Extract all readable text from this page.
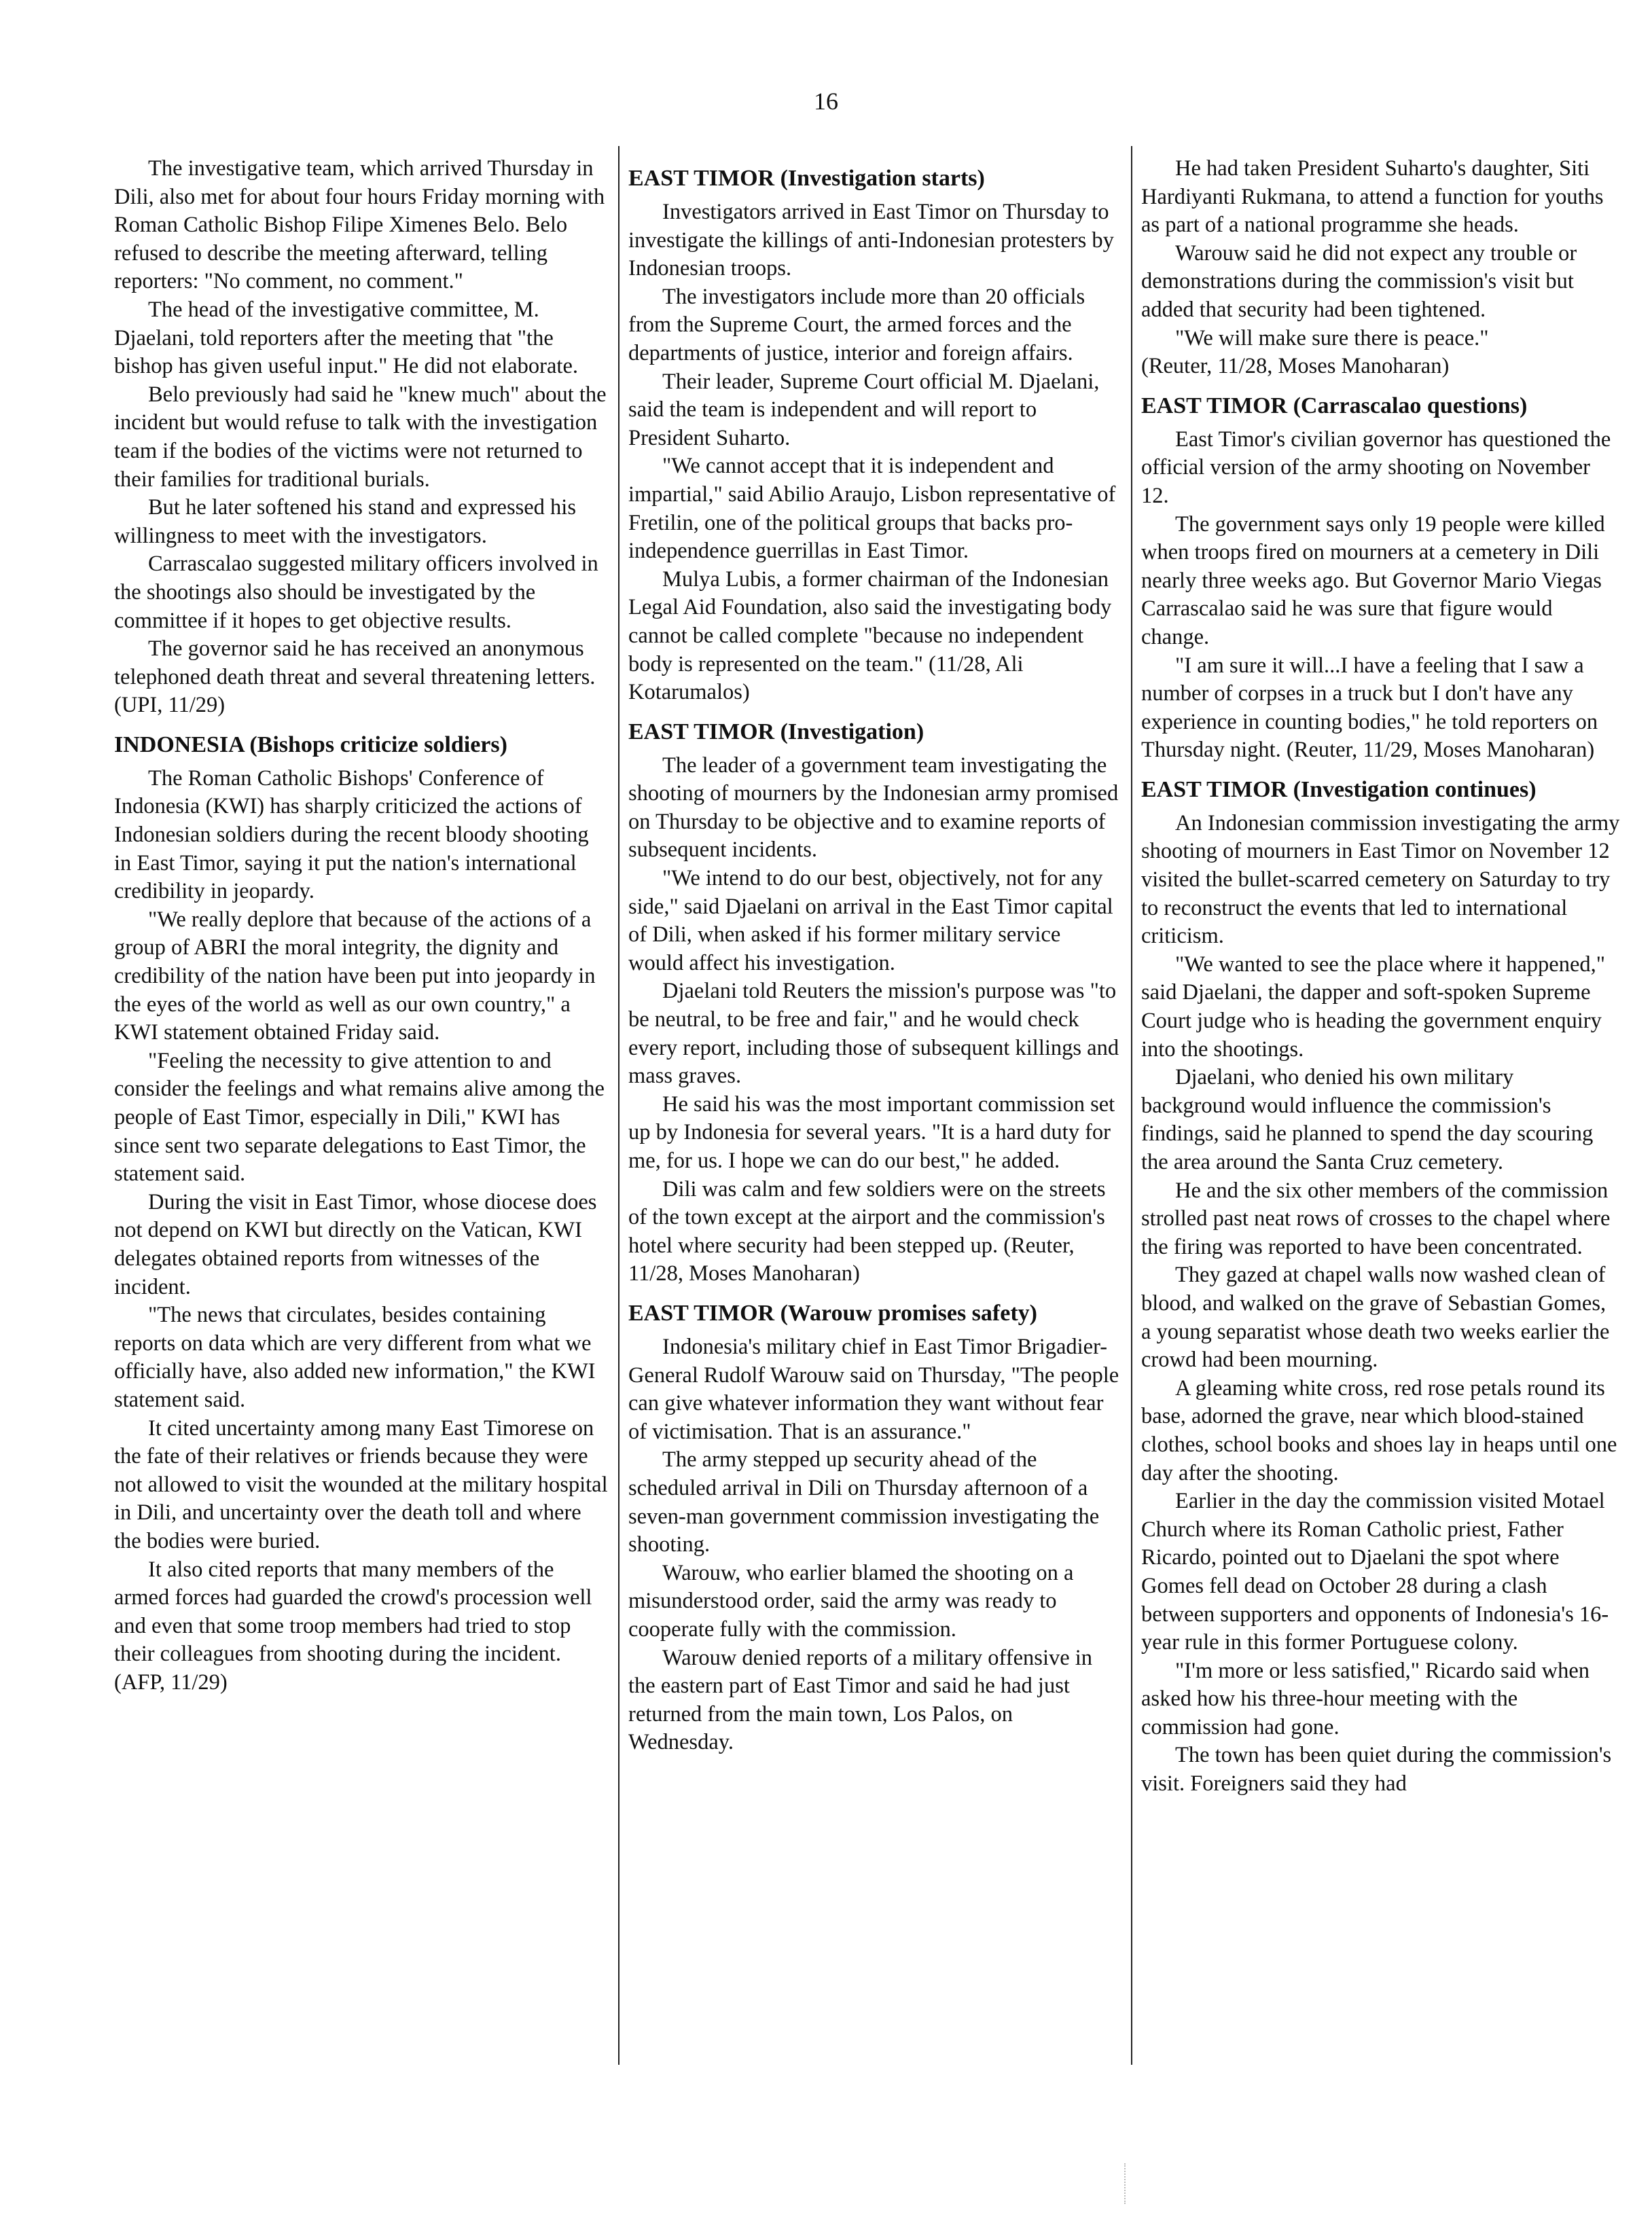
16

The investigative team, which arrived Thursday in Dili, also met for about four hours Friday morning with Roman Catholic Bishop Filipe Ximenes Belo. Belo refused to describe the meeting afterward, telling reporters: "No comment, no comment."

The head of the investigative committee, M. Djaelani, told reporters after the meeting that "the bishop has given useful input." He did not elaborate.

Belo previously had said he "knew much" about the incident but would refuse to talk with the investigation team if the bodies of the victims were not returned to their families for traditional burials.

But he later softened his stand and expressed his willingness to meet with the investigators.

Carrascalao suggested military officers involved in the shootings also should be investigated by the committee if it hopes to get objective results.

The governor said he has received an anonymous telephoned death threat and several threatening letters. (UPI, 11/29)

INDONESIA (Bishops criticize soldiers)

The Roman Catholic Bishops' Conference of Indonesia (KWI) has sharply criticized the actions of Indonesian soldiers during the recent bloody shooting in East Timor, saying it put the nation's international credibility in jeopardy.

"We really deplore that because of the actions of a group of ABRI the moral integrity, the dignity and credibility of the nation have been put into jeopardy in the eyes of the world as well as our own country," a KWI statement obtained Friday said.

"Feeling the necessity to give attention to and consider the feelings and what remains alive among the people of East Timor, especially in Dili," KWI has since sent two separate delegations to East Timor, the statement said.

During the visit in East Timor, whose diocese does not depend on KWI but directly on the Vatican, KWI delegates obtained reports from witnesses of the incident.

"The news that circulates, besides containing reports on data which are very different from what we officially have, also added new information," the KWI statement said.

It cited uncertainty among many East Timorese on the fate of their relatives or friends because they were not allowed to visit the wounded at the military hospital in Dili, and uncertainty over the death toll and where the bodies were buried.

It also cited reports that many members of the armed forces had guarded the crowd's procession well and even that some troop members had tried to stop their colleagues from shooting during the incident. (AFP, 11/29)

EAST TIMOR (Investigation starts)

Investigators arrived in East Timor on Thursday to investigate the killings of anti-Indonesian protesters by Indonesian troops.

The investigators include more than 20 officials from the Supreme Court, the armed forces and the departments of justice, interior and foreign affairs.

Their leader, Supreme Court official M. Djaelani, said the team is independent and will report to President Suharto.

"We cannot accept that it is independent and impartial," said Abilio Araujo, Lisbon representative of Fretilin, one of the political groups that backs pro-independence guerrillas in East Timor.

Mulya Lubis, a former chairman of the Indonesian Legal Aid Foundation, also said the investigating body cannot be called complete "because no independent body is represented on the team." (11/28, Ali Kotarumalos)

EAST TIMOR (Investigation)

The leader of a government team investigating the shooting of mourners by the Indonesian army promised on Thursday to be objective and to examine reports of subsequent incidents.

"We intend to do our best, objectively, not for any side," said Djaelani on arrival in the East Timor capital of Dili, when asked if his former military service would affect his investigation.

Djaelani told Reuters the mission's purpose was "to be neutral, to be free and fair," and he would check every report, including those of subsequent killings and mass graves.

He said his was the most important commission set up by Indonesia for several years. "It is a hard duty for me, for us. I hope we can do our best," he added.

Dili was calm and few soldiers were on the streets of the town except at the airport and the commission's hotel where security had been stepped up. (Reuter, 11/28, Moses Manoharan)

EAST TIMOR (Warouw promises safety)

Indonesia's military chief in East Timor Brigadier-General Rudolf Warouw said on Thursday, "The people can give whatever information they want without fear of victimisation. That is an assurance."

The army stepped up security ahead of the scheduled arrival in Dili on Thursday afternoon of a seven-man government commission investigating the shooting.

Warouw, who earlier blamed the shooting on a misunderstood order, said the army was ready to cooperate fully with the commission.

Warouw denied reports of a military offensive in the eastern part of East Timor and said he had just returned from the main town, Los Palos, on Wednesday.

He had taken President Suharto's daughter, Siti Hardiyanti Rukmana, to attend a function for youths as part of a national programme she heads.

Warouw said he did not expect any trouble or demonstrations during the commission's visit but added that security had been tightened.

"We will make sure there is peace."

(Reuter, 11/28, Moses Manoharan)

EAST TIMOR (Carrascalao questions)

East Timor's civilian governor has questioned the official version of the army shooting on November 12.

The government says only 19 people were killed when troops fired on mourners at a cemetery in Dili nearly three weeks ago. But Governor Mario Viegas Carrascalao said he was sure that figure would change.

"I am sure it will...I have a feeling that I saw a number of corpses in a truck but I don't have any experience in counting bodies," he told reporters on Thursday night. (Reuter, 11/29, Moses Manoharan)

EAST TIMOR (Investigation continues)

An Indonesian commission investigating the army shooting of mourners in East Timor on November 12 visited the bullet-scarred cemetery on Saturday to try to reconstruct the events that led to international criticism.

"We wanted to see the place where it happened," said Djaelani, the dapper and soft-spoken Supreme Court judge who is heading the government enquiry into the shootings.

Djaelani, who denied his own military background would influence the commission's findings, said he planned to spend the day scouring the area around the Santa Cruz cemetery.

He and the six other members of the commission strolled past neat rows of crosses to the chapel where the firing was reported to have been concentrated.

They gazed at chapel walls now washed clean of blood, and walked on the grave of Sebastian Gomes, a young separatist whose death two weeks earlier the crowd had been mourning.

A gleaming white cross, red rose petals round its base, adorned the grave, near which blood-stained clothes, school books and shoes lay in heaps until one day after the shooting.

Earlier in the day the commission visited Motael Church where its Roman Catholic priest, Father Ricardo, pointed out to Djaelani the spot where Gomes fell dead on October 28 during a clash between supporters and opponents of Indonesia's 16-year rule in this former Portuguese colony.

"I'm more or less satisfied," Ricardo said when asked how his three-hour meeting with the commission had gone.

The town has been quiet during the commission's visit. Foreigners said they had
